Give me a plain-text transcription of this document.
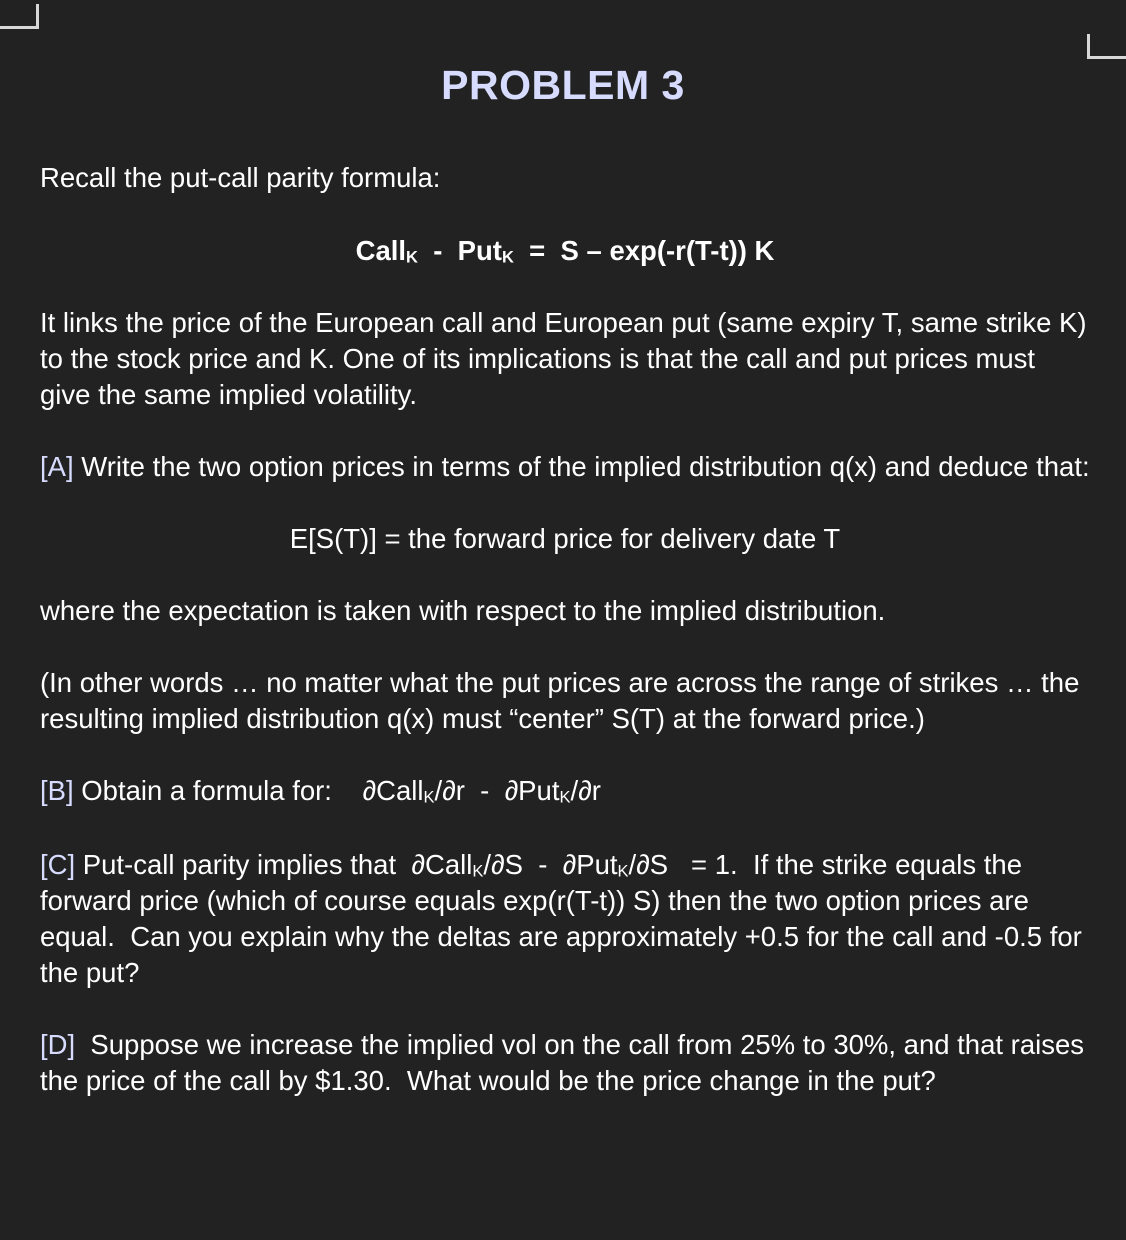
PROBLEM 3

Recall the put-call parity formula:

Call$_K$  -  Put$_K$  =  S – exp(-r(T-t)) K

It links the price of the European call and European put (same expiry T, same strike K) to the stock price and K. One of its implications is that the call and put prices must give the same implied volatility.

[A] Write the two option prices in terms of the implied distribution q(x) and deduce that:

E[S(T)] = the forward price for delivery date T

where the expectation is taken with respect to the implied distribution.

(In other words … no matter what the put prices are across the range of strikes … the resulting implied distribution q(x) must “center” S(T) at the forward price.)

[B] Obtain a formula for:    ∂Call$_K$/∂r  -  ∂Put$_K$/∂r

[C] Put-call parity implies that  ∂Call$_K$/∂S  -  ∂Put$_K$/∂S   = 1.  If the strike equals the forward price (which of course equals exp(r(T-t)) S) then the two option prices are equal.  Can you explain why the deltas are approximately +0.5 for the call and -0.5 for the put?

[D]  Suppose we increase the implied vol on the call from 25% to 30%, and that raises the price of the call by $1.30.  What would be the price change in the put?
